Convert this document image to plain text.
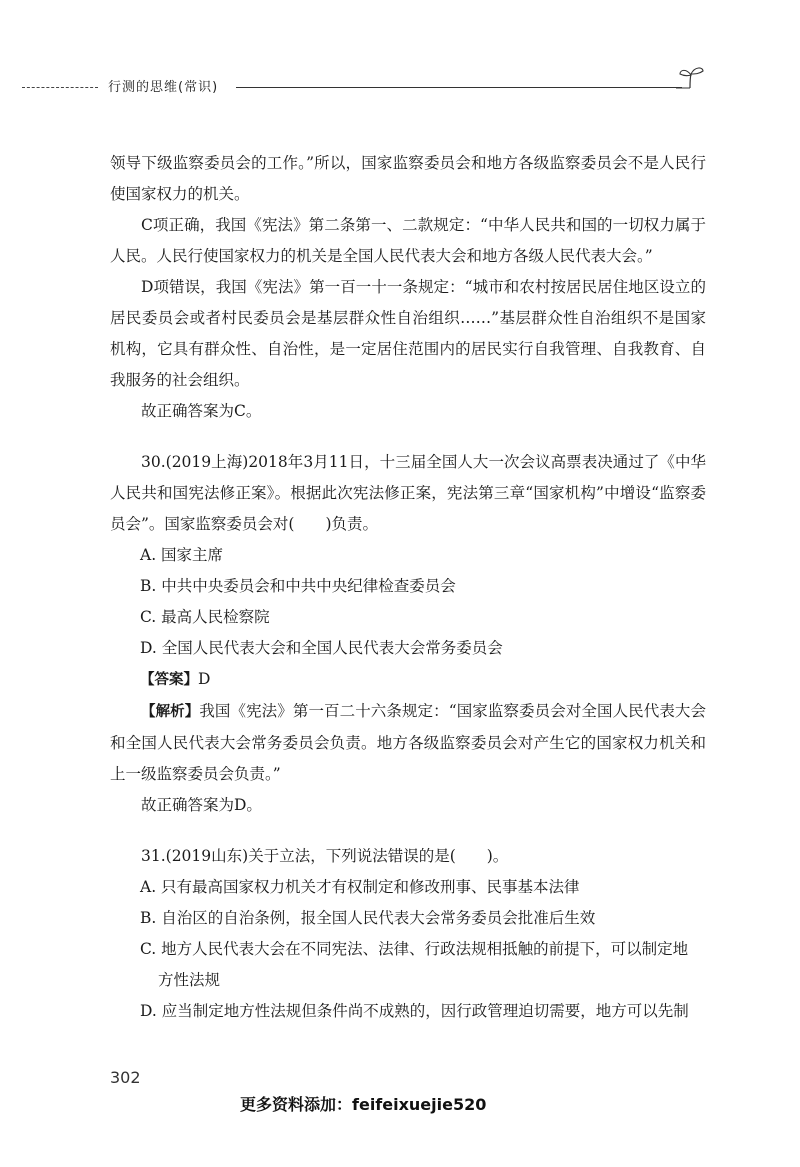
行测的思维(常识)

领导下级监察委员会的工作。”所以，国家监察委员会和地方各级监察委员会不是人民行使国家权力的机关。

C项正确，我国《宪法》第二条第一、二款规定：“中华人民共和国的一切权力属于人民。人民行使国家权力的机关是全国人民代表大会和地方各级人民代表大会。”

D项错误，我国《宪法》第一百一十一条规定：“城市和农村按居民居住地区设立的居民委员会或者村民委员会是基层群众性自治组织……”基层群众性自治组织不是国家机构，它具有群众性、自治性，是一定居住范围内的居民实行自我管理、自我教育、自我服务的社会组织。

故正确答案为C。

30.(2019上海)2018年3月11日，十三届全国人大一次会议高票表决通过了《中华人民共和国宪法修正案》。根据此次宪法修正案，宪法第三章“国家机构”中增设“监察委员会”。国家监察委员会对(　　)负责。

A. 国家主席

B. 中共中央委员会和中共中央纪律检查委员会

C. 最高人民检察院

D. 全国人民代表大会和全国人民代表大会常务委员会

【答案】D

【解析】我国《宪法》第一百二十六条规定：“国家监察委员会对全国人民代表大会和全国人民代表大会常务委员会负责。地方各级监察委员会对产生它的国家权力机关和上一级监察委员会负责。”

故正确答案为D。

31.(2019山东)关于立法，下列说法错误的是(　　)。

A. 只有最高国家权力机关才有权制定和修改刑事、民事基本法律

B. 自治区的自治条例，报全国人民代表大会常务委员会批准后生效

C. 地方人民代表大会在不同宪法、法律、行政法规相抵触的前提下，可以制定地
方性法规

D. 应当制定地方性法规但条件尚不成熟的，因行政管理迫切需要，地方可以先制

302
更多资料添加：feifeixuejie520
